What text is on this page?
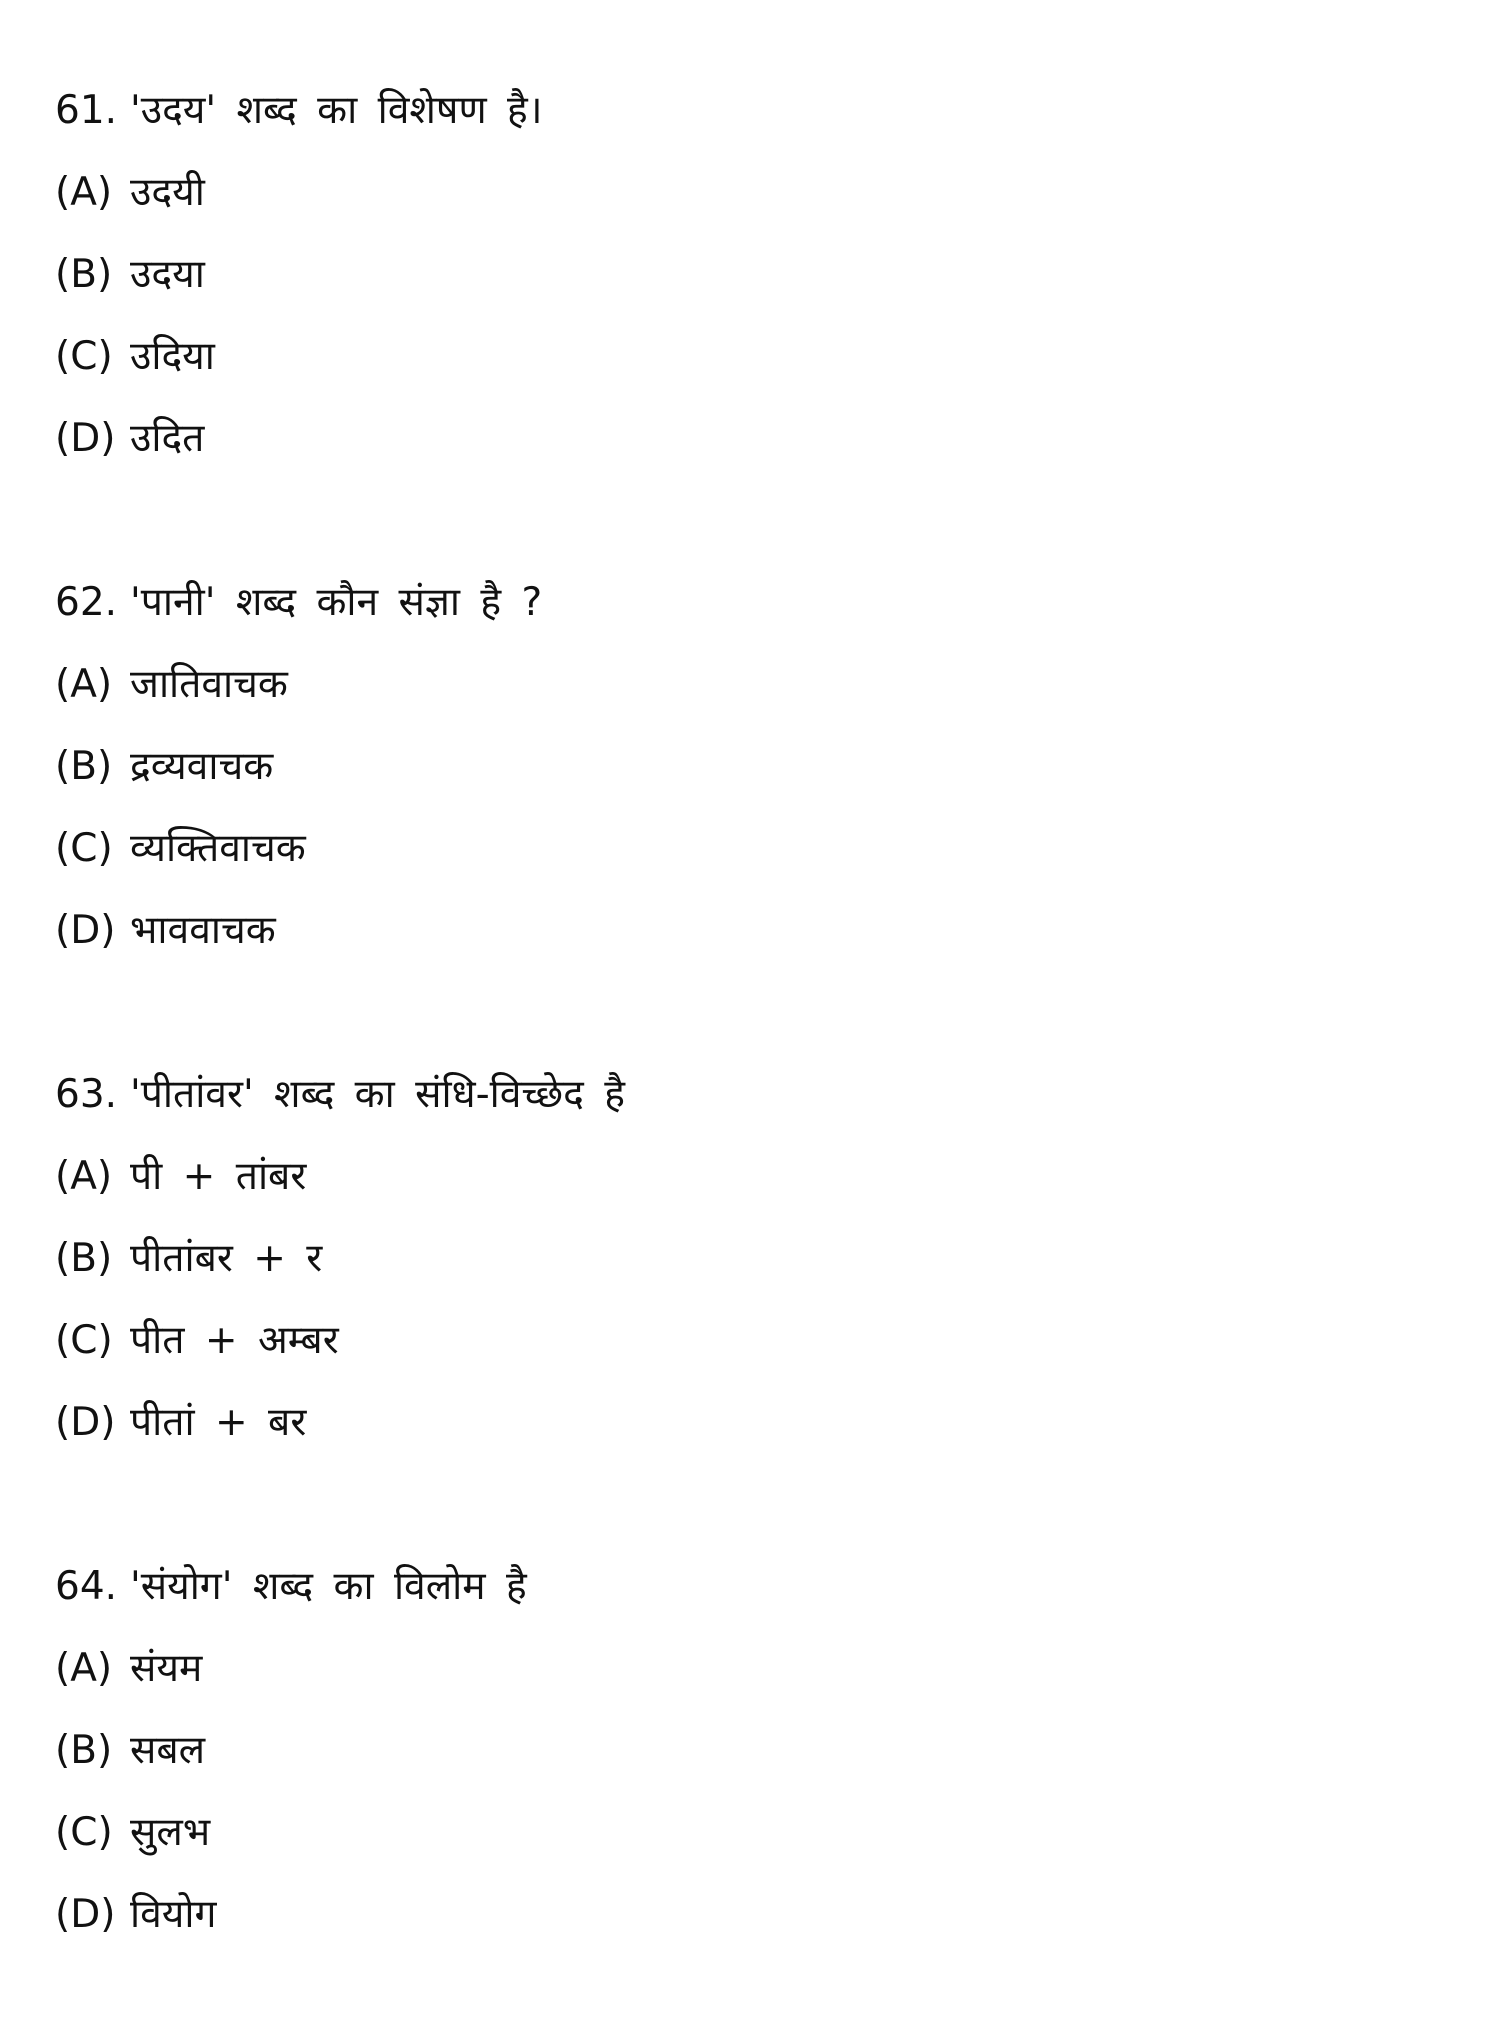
61. 'उदय' शब्द का विशेषण है।
(A) उदयी
(B) उदया
(C) उदिया
(D) उदित
62. 'पानी' शब्द कौन संज्ञा है ?
(A) जातिवाचक
(B) द्रव्यवाचक
(C) व्यक्तिवाचक
(D) भाववाचक
63. 'पीतांवर' शब्द का संधि-विच्छेद है
(A) पी + तांबर
(B) पीतांबर + र
(C) पीत + अम्बर
(D) पीतां + बर
64. 'संयोग' शब्द का विलोम है
(A) संयम
(B) सबल
(C) सुलभ
(D) वियोग
